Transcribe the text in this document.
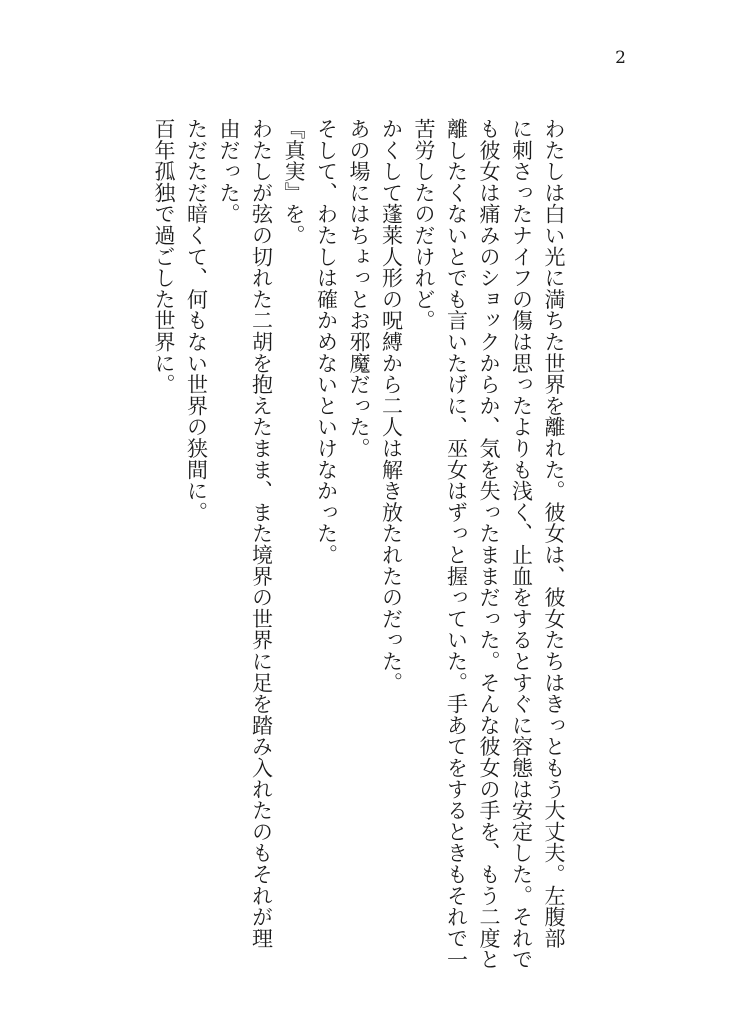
2
わたしは白い光に満ちた世界を離れた。彼女は、彼女たちはきっともう大丈夫。左腹部
に刺さったナイフの傷は思ったよりも浅く、止血をするとすぐに容態は安定した。それで
も彼女は痛みのショックからか、気を失ったままだった。そんな彼女の手を、もう二度と
離したくないとでも言いたげに、巫女はずっと握っていた。手あてをするときもそれで一
苦労したのだけれど。
かくして蓬莱人形の呪縛から二人は解き放たれたのだった。
あの場にはちょっとお邪魔だった。
そして、わたしは確かめないといけなかった。
『真実』を。
わたしが弦の切れた二胡を抱えたまま、また境界の世界に足を踏み入れたのもそれが理
由だった。
ただただ暗くて、何もない世界の狭間に。
百年孤独で過ごした世界に。
